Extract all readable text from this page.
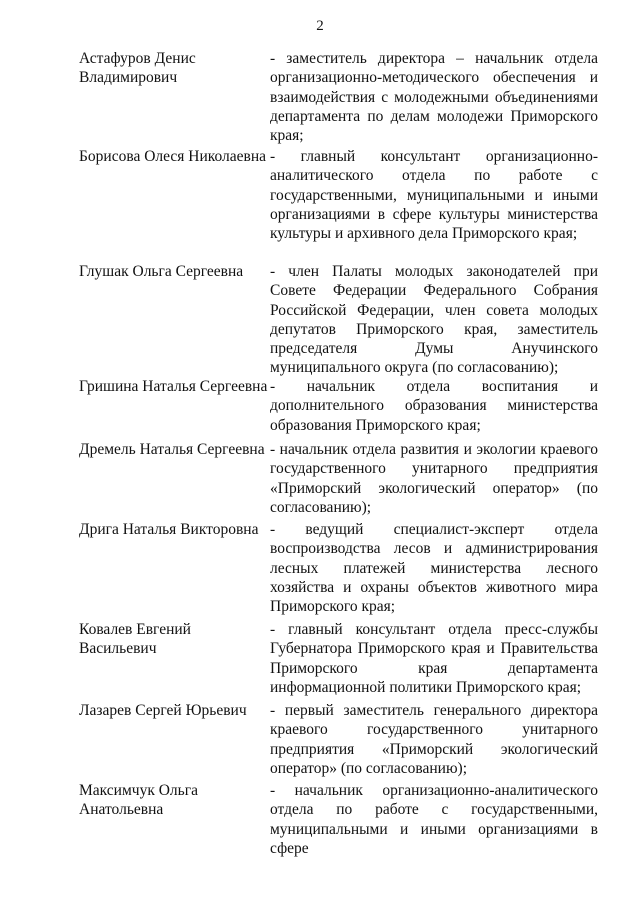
2
Астафуров Денис Владимирович
- заместитель директора – начальник отдела организационно-методического обеспечения и взаимодействия с молодежными объединениями департамента по делам молодежи Приморского края;
Борисова Олеся Николаевна - главный консультант организационно-аналитического отдела по работе с государственными, муниципальными и иными организациями в сфере культуры министерства культуры и архивного дела Приморского края;
Глушак Ольга Сергеевна	- член Палаты молодых законодателей при Совете Федерации Федерального Собрания Российской Федерации, член совета молодых депутатов Приморского края, заместитель председателя Думы Анучинского муниципального округа (по согласованию);
Гришина Наталья Сергеевна - начальник отдела воспитания и дополнительного образования министерства образования Приморского края;
Дремель Наталья Сергеевна - начальник отдела развития и экологии краевого государственного унитарного предприятия «Приморский экологический оператор» (по согласованию);
Дрига Наталья Викторовна - ведущий специалист-эксперт отдела воспроизводства лесов и администрирования лесных платежей министерства лесного хозяйства и охраны объектов животного мира Приморского края;
Ковалев Евгений Васильевич
- главный консультант отдела пресс-службы Губернатора Приморского края и Правительства Приморского края департамента информационной политики Приморского края;
Лазарев Сергей Юрьевич	- первый заместитель генерального директора краевого государственного унитарного предприятия «Приморский экологический оператор» (по согласованию);
Максимчук Ольга Анатольевна
- начальник организационно-аналитического отдела по работе с государственными, муниципальными и иными организациями в сфере
